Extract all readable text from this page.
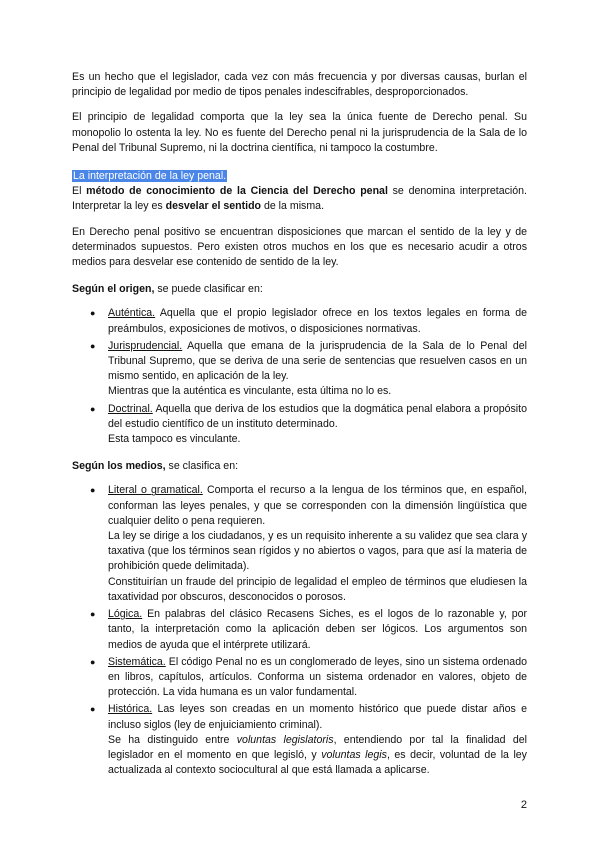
Es un hecho que el legislador, cada vez con más frecuencia y por diversas causas, burlan el principio de legalidad por medio de tipos penales indescifrables, desproporcionados.

El principio de legalidad comporta que la ley sea la única fuente de Derecho penal. Su monopolio lo ostenta la ley. No es fuente del Derecho penal ni la jurisprudencia de la Sala de lo Penal del Tribunal Supremo, ni la doctrina científica, ni tampoco la costumbre.

La interpretación de la ley penal.

El método de conocimiento de la Ciencia del Derecho penal se denomina interpretación. Interpretar la ley es desvelar el sentido de la misma.

En Derecho penal positivo se encuentran disposiciones que marcan el sentido de la ley y de determinados supuestos. Pero existen otros muchos en los que es necesario acudir a otros medios para desvelar ese contenido de sentido de la ley.

Según el origen, se puede clasificar en:
● Auténtica. Aquella que el propio legislador ofrece en los textos legales en forma de preámbulos, exposiciones de motivos, o disposiciones normativas.
● Jurisprudencial. Aquella que emana de la jurisprudencia de la Sala de lo Penal del Tribunal Supremo, que se deriva de una serie de sentencias que resuelven casos en un mismo sentido, en aplicación de la ley.
Mientras que la auténtica es vinculante, esta última no lo es.
● Doctrinal. Aquella que deriva de los estudios que la dogmática penal elabora a propósito del estudio científico de un instituto determinado.
Esta tampoco es vinculante.
Según los medios, se clasifica en:
● Literal o gramatical. Comporta el recurso a la lengua de los términos que, en español, conforman las leyes penales, y que se corresponden con la dimensión lingüística que cualquier delito o pena requieren.
La ley se dirige a los ciudadanos, y es un requisito inherente a su validez que sea clara y taxativa (que los términos sean rígidos y no abiertos o vagos, para que así la materia de prohibición quede delimitada).
Constituirían un fraude del principio de legalidad el empleo de términos que eludiesen la taxatividad por obscuros, desconocidos o porosos.
● Lógica. En palabras del clásico Recasens Siches, es el logos de lo razonable y, por tanto, la interpretación como la aplicación deben ser lógicos. Los argumentos son medios de ayuda que el intérprete utilizará.
● Sistemática. El código Penal no es un conglomerado de leyes, sino un sistema ordenado en libros, capítulos, artículos. Conforma un sistema ordenador en valores, objeto de protección. La vida humana es un valor fundamental.
● Histórica. Las leyes son creadas en un momento histórico que puede distar años e incluso siglos (ley de enjuiciamiento criminal).
Se ha distinguido entre voluntas legislatoris, entendiendo por tal la finalidad del legislador en el momento en que legisló, y voluntas legis, es decir, voluntad de la ley actualizada al contexto sociocultural al que está llamada a aplicarse.
2
